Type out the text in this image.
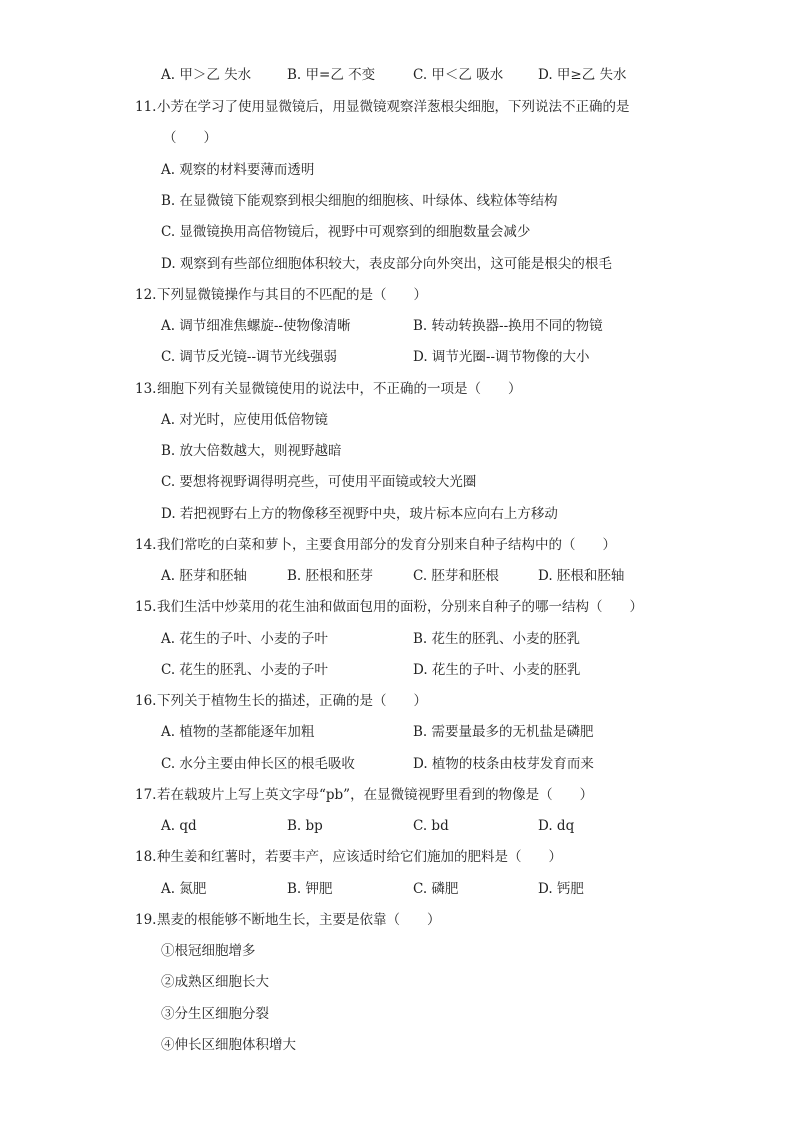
A. 甲＞乙 失水	B. 甲=乙 不变	C. 甲＜乙 吸水	D. 甲≥乙 失水
11.小芳在学习了使用显微镜后，用显微镜观察洋葱根尖细胞，下列说法不正确的是
（　　）
A. 观察的材料要薄而透明
B. 在显微镜下能观察到根尖细胞的细胞核、叶绿体、线粒体等结构
C. 显微镜换用高倍物镜后，视野中可观察到的细胞数量会减少
D. 观察到有些部位细胞体积较大，表皮部分向外突出，这可能是根尖的根毛
12.下列显微镜操作与其目的不匹配的是（　　）
A. 调节细准焦螺旋--使物像清晰	B. 转动转换器--换用不同的物镜
C. 调节反光镜--调节光线强弱	D. 调节光圈--调节物像的大小
13.细胞下列有关显微镜使用的说法中，不正确的一项是（　　）
A. 对光时，应使用低倍物镜
B. 放大倍数越大，则视野越暗
C. 要想将视野调得明亮些，可使用平面镜或较大光圈
D. 若把视野右上方的物像移至视野中央，玻片标本应向右上方移动
14.我们常吃的白菜和萝卜，主要食用部分的发育分别来自种子结构中的（　　）
A. 胚芽和胚轴	B. 胚根和胚芽	C. 胚芽和胚根	D. 胚根和胚轴
15.我们生活中炒菜用的花生油和做面包用的面粉，分别来自种子的哪一结构（　　）
A. 花生的子叶、小麦的子叶	B. 花生的胚乳、小麦的胚乳
C. 花生的胚乳、小麦的子叶	D. 花生的子叶、小麦的胚乳
16.下列关于植物生长的描述，正确的是（　　）
A. 植物的茎都能逐年加粗	B. 需要量最多的无机盐是磷肥
C. 水分主要由伸长区的根毛吸收	D. 植物的枝条由枝芽发育而来
17.若在载玻片上写上英文字母“pb”，在显微镜视野里看到的物像是（　　）
A. qd	B. bp	C. bd	D. dq
18.种生姜和红薯时，若要丰产，应该适时给它们施加的肥料是（　　）
A. 氮肥	B. 钾肥	C. 磷肥	D. 钙肥
19.黑麦的根能够不断地生长，主要是依靠（　　）
①根冠细胞增多
②成熟区细胞长大
③分生区细胞分裂
④伸长区细胞体积增大
